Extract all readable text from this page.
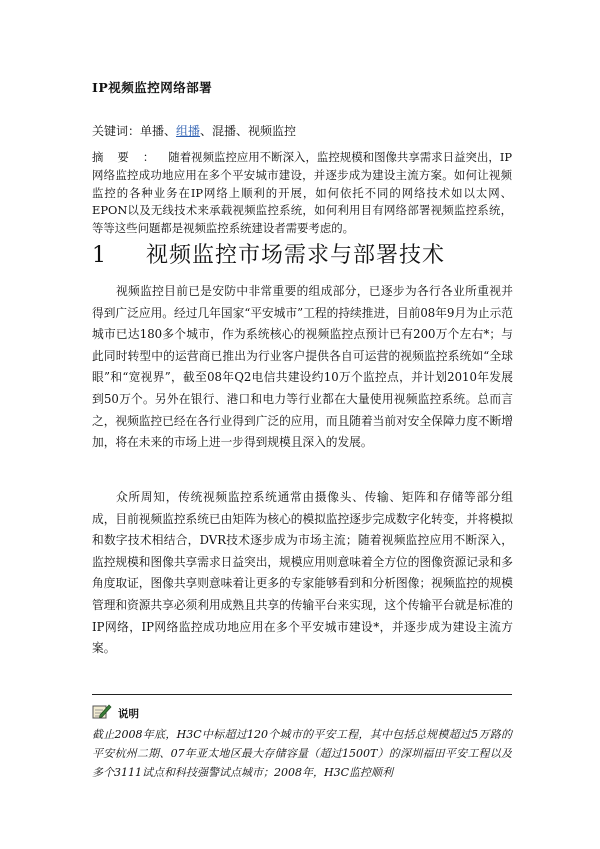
IP视频监控网络部署
关键词：单播、组播、混播、视频监控
摘要：随着视频监控应用不断深入，监控规模和图像共享需求日益突出，IP网络监控成功地应用在多个平安城市建设，并逐步成为建设主流方案。如何让视频监控的各种业务在IP网络上顺利的开展，如何依托不同的网络技术如以太网、EPON以及无线技术来承载视频监控系统，如何利用目有网络部署视频监控系统，等等这些问题都是视频监控系统建设者需要考虑的。
1 视频监控市场需求与部署技术
视频监控目前已是安防中非常重要的组成部分，已逐步为各行各业所重视并得到广泛应用。经过几年国家“平安城市”工程的持续推进，目前08年9月为止示范城市已达180多个城市，作为系统核心的视频监控点预计已有200万个左右*；与此同时转型中的运营商已推出为行业客户提供各自可运营的视频监控系统如“全球眼”和“宽视界”，截至08年Q2电信共建设约10万个监控点，并计划2010年发展到50万个。另外在银行、港口和电力等行业都在大量使用视频监控系统。总而言之，视频监控已经在各行业得到广泛的应用，而且随着当前对安全保障力度不断增加，将在未来的市场上进一步得到规模且深入的发展。
众所周知，传统视频监控系统通常由摄像头、传输、矩阵和存储等部分组成，目前视频监控系统已由矩阵为核心的模拟监控逐步完成数字化转变，并将模拟和数字技术相结合，DVR技术逐步成为市场主流；随着视频监控应用不断深入，监控规模和图像共享需求日益突出，规模应用则意味着全方位的图像资源记录和多角度取证，图像共享则意味着让更多的专家能够看到和分析图像；视频监控的规模管理和资源共享必须利用成熟且共享的传输平台来实现，这个传输平台就是标准的IP网络，IP网络监控成功地应用在多个平安城市建设*，并逐步成为建设主流方案。
说明
截止2008年底，H3C中标超过120个城市的平安工程，其中包括总规模超过5万路的平安杭州二期、07年亚太地区最大存储容量（超过1500T）的深圳福田平安工程以及多个3111试点和科技强警试点城市；2008年，H3C监控顺利
